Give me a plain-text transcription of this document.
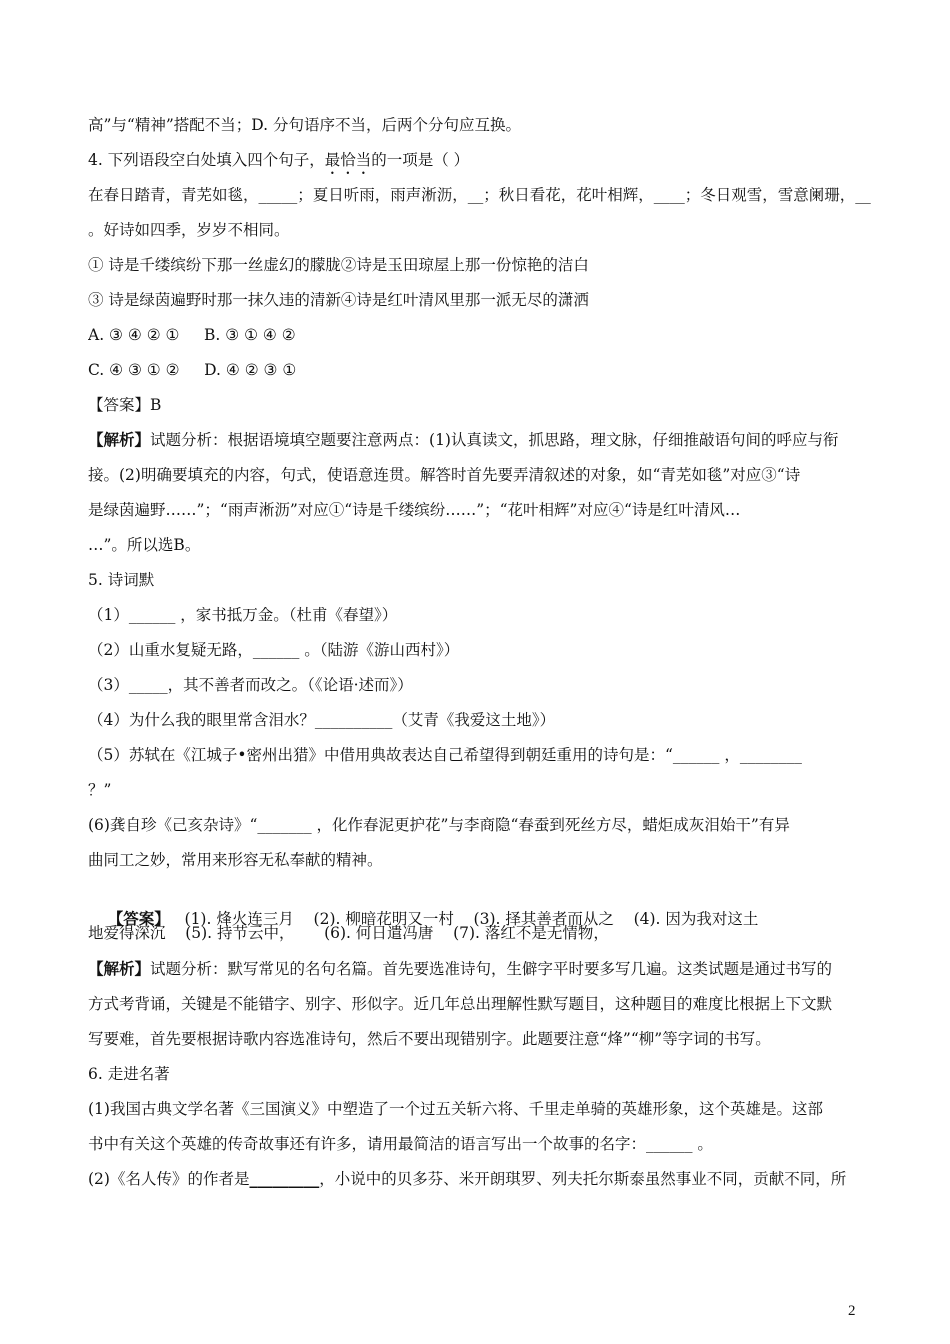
高”与“精神”搭配不当；D. 分句语序不当，后两个分句应互换。
4. 下列语段空白处填入四个句子，最恰当的一项是（ ）
在春日踏青，青芜如毯，_____；夏日听雨，雨声淅沥，__；秋日看花，花叶相辉，____；冬日观雪，雪意阑珊，__
。好诗如四季，岁岁不相同。
① 诗是千缕缤纷下那一丝虚幻的朦胧②诗是玉田琼屋上那一份惊艳的洁白
③ 诗是绿茵遍野时那一抹久违的清新④诗是红叶清风里那一派无尽的潇洒
A. ③ ④ ② ①     B. ③ ① ④ ②
C. ④ ③ ① ②     D. ④ ② ③ ①
【答案】B
【解析】试题分析：根据语境填空题要注意两点：(1)认真读文，抓思路，理文脉，仔细推敲语句间的呼应与衔
接。(2)明确要填充的内容，句式，使语意连贯。解答时首先要弄清叙述的对象，如“青芜如毯”对应③“诗
是绿茵遍野……”；“雨声淅沥”对应①“诗是千缕缤纷……”；“花叶相辉”对应④“诗是红叶清风…
…”。所以选B。
5. 诗词默
（1）______ ，家书抵万金。（杜甫《春望》）
（2）山重水复疑无路，______ 。（陆游《游山西村》）
（3）_____，其不善者而改之。（《论语·述而》）
（4）为什么我的眼里常含泪水？__________（艾青《我爱这土地》）
（5）苏轼在《江城子•密州出猎》中借用典故表达自己希望得到朝廷重用的诗句是：“______ ，________
？”
(6)龚自珍《己亥杂诗》“_______ ，化作春泥更护花”与李商隐“春蚕到死丝方尽，蜡炬成灰泪始干”有异
曲同工之妙，常用来形容无私奉献的精神。

【答案】   (1). 烽火连三月    (2). 柳暗花明又一村    (3). 择其善者而从之    (4). 因为我对这土

地爱得深沉    (5). 持节云中，      (6). 何日遣冯唐    (7). 落红不是无情物，
【解析】试题分析：默写常见的名句名篇。首先要选准诗句，生僻字平时要多写几遍。这类试题是通过书写的
方式考背诵，关键是不能错字、别字、形似字。近几年总出理解性默写题目，这种题目的难度比根据上下文默
写要难，首先要根据诗歌内容选准诗句，然后不要出现错别字。此题要注意“烽”“柳”等字词的书写。
6. 走进名著
(1)我国古典文学名著《三国演义》中塑造了一个过五关斩六将、千里走单骑的英雄形象，这个英雄是。这部
书中有关这个英雄的传奇故事还有许多，请用最简洁的语言写出一个故事的名字：______ 。
(2)《名人传》的作者是_________，小说中的贝多芬、米开朗琪罗、列夫托尔斯泰虽然事业不同，贡献不同，所
2
